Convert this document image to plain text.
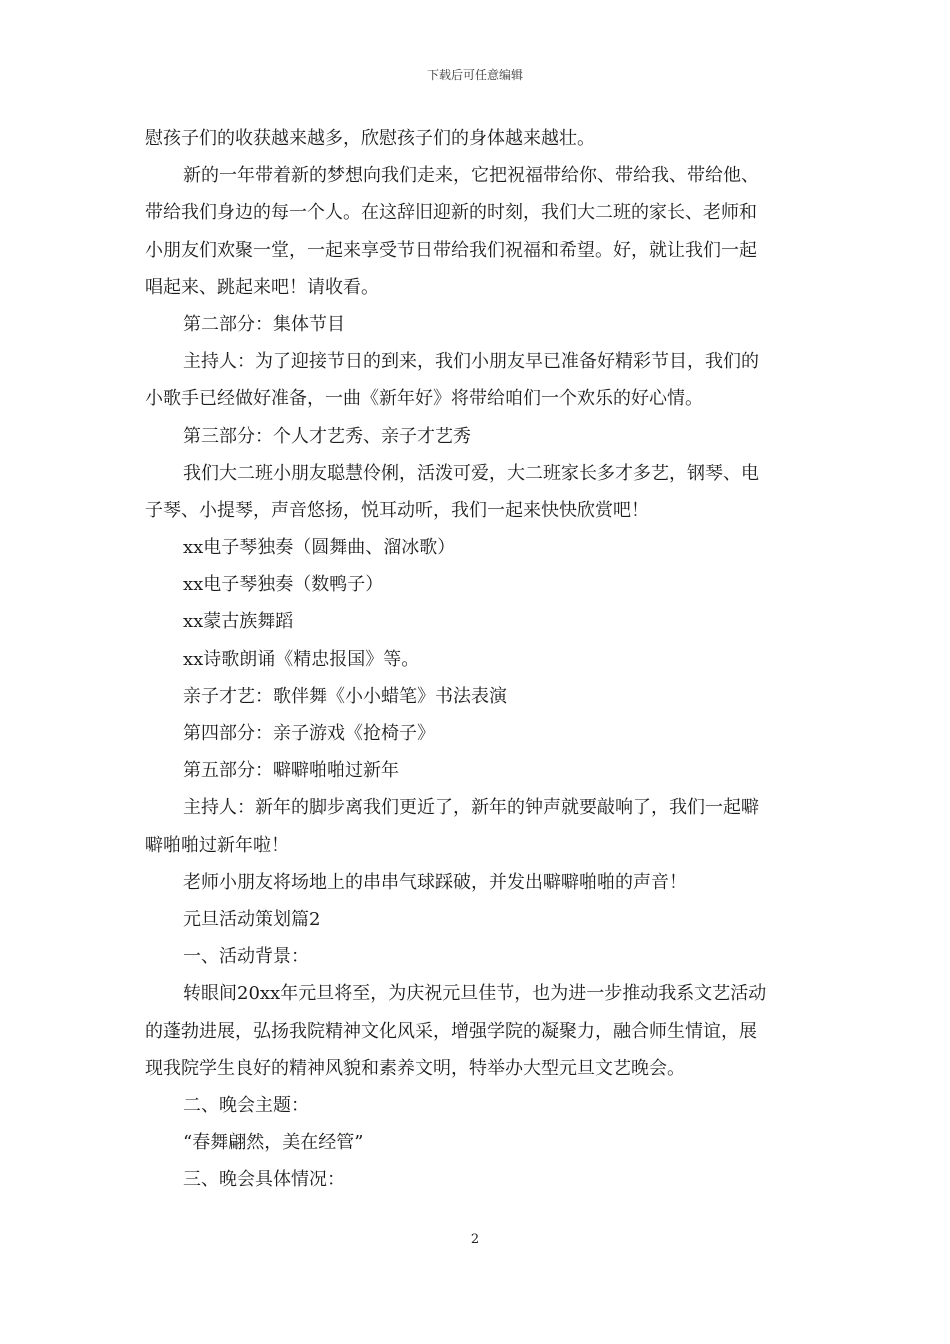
下载后可任意编辑
慰孩子们的收获越来越多，欣慰孩子们的身体越来越壮。
新的一年带着新的梦想向我们走来，它把祝福带给你、带给我、带给他、
带给我们身边的每一个人。在这辞旧迎新的时刻，我们大二班的家长、老师和
小朋友们欢聚一堂，一起来享受节日带给我们祝福和希望。好，就让我们一起
唱起来、跳起来吧！请收看。
第二部分：集体节目
主持人：为了迎接节日的到来，我们小朋友早已准备好精彩节目，我们的
小歌手已经做好准备，一曲《新年好》将带给咱们一个欢乐的好心情。
第三部分：个人才艺秀、亲子才艺秀
我们大二班小朋友聪慧伶俐，活泼可爱，大二班家长多才多艺，钢琴、电
子琴、小提琴，声音悠扬，悦耳动听，我们一起来快快欣赏吧！
xx电子琴独奏（圆舞曲、溜冰歌）
xx电子琴独奏（数鸭子）
xx蒙古族舞蹈
xx诗歌朗诵《精忠报国》等。
亲子才艺：歌伴舞《小小蜡笔》书法表演
第四部分：亲子游戏《抢椅子》
第五部分：噼噼啪啪过新年
主持人：新年的脚步离我们更近了，新年的钟声就要敲响了，我们一起噼
噼啪啪过新年啦！
老师小朋友将场地上的串串气球踩破，并发出噼噼啪啪的声音！
元旦活动策划篇2
一、活动背景：
转眼间20xx年元旦将至，为庆祝元旦佳节，也为进一步推动我系文艺活动
的蓬勃进展，弘扬我院精神文化风采，增强学院的凝聚力，融合师生情谊，展
现我院学生良好的精神风貌和素养文明，特举办大型元旦文艺晚会。
二、晚会主题：
“春舞翩然，美在经管”
三、晚会具体情况：
2
